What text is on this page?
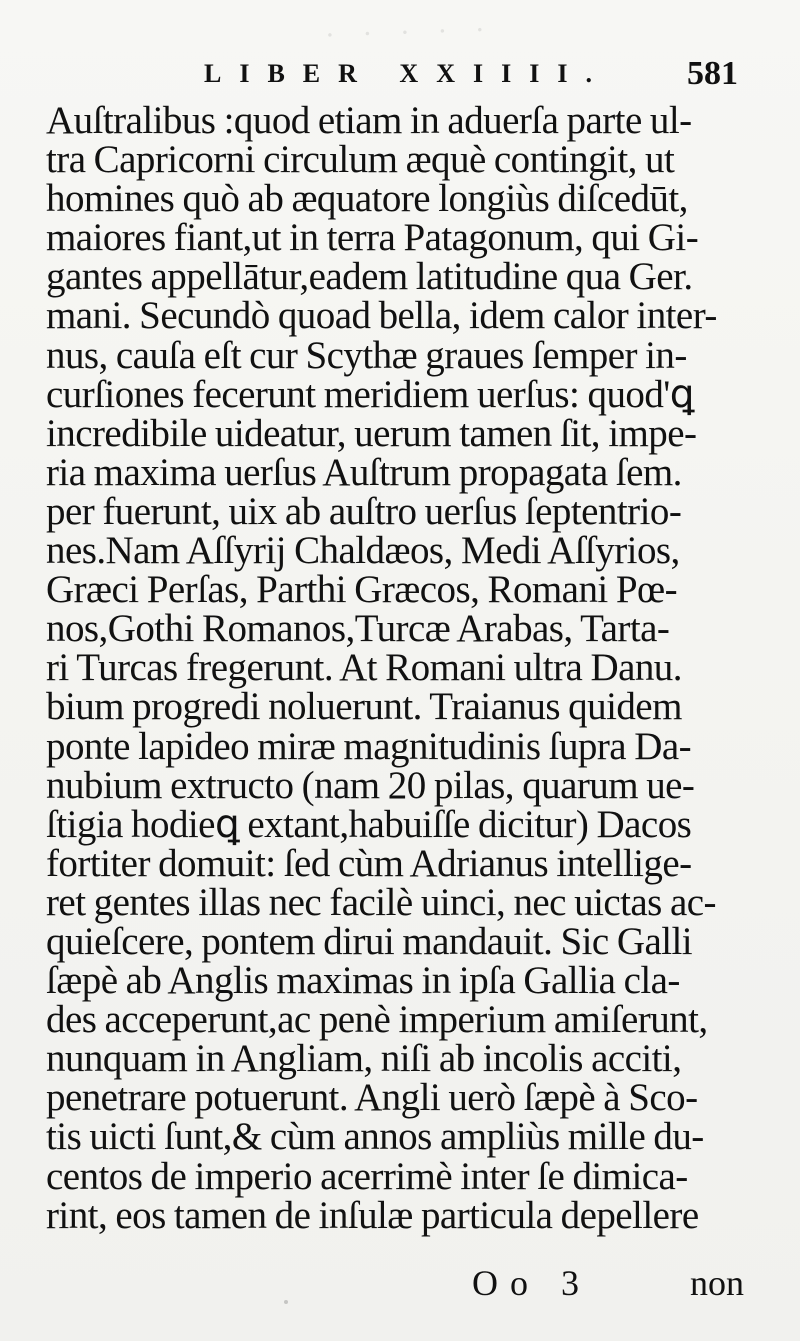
· · · · ·
LIBER XXIIII. 581
Auſtralibus :quod etiam in aduerſa parte ul-
tra Capricorni circulum æquè contingit, ut
homines quò ab æquatore longiùs diſcedūt,
maiores fiant,ut in terra Patagonum, qui Gi-
gantes appellātur,eadem latitudine qua Ger.
mani. Secundò quoad bella, idem calor inter-
nus, cauſa eſt cur Scythæ graues ſemper in-
curſiones fecerunt meridiem uerſus: quod'ꝗ
incredibile uideatur, uerum tamen ſit, impe-
ria maxima uerſus Auſtrum propagata ſem.
per fuerunt, uix ab auſtro uerſus ſeptentrio-
nes.Nam Aſſyrij Chaldæos, Medi Aſſyrios,
Græci Perſas, Parthi Græcos, Romani Pœ-
nos,Gothi Romanos,Turcæ Arabas, Tarta-
ri Turcas fregerunt. At Romani ultra Danu.
bium progredi noluerunt. Traianus quidem
ponte lapideo miræ magnitudinis ſupra Da-
nubium extructo (nam 20 pilas, quarum ue-
ſtigia hodieꝗ extant,habuiſſe dicitur) Dacos
fortiter domuit: ſed cùm Adrianus intellige-
ret gentes illas nec facilè uinci, nec uictas ac-
quieſcere, pontem dirui mandauit. Sic Galli
ſæpè ab Anglis maximas in ipſa Gallia cla-
des acceperunt,ac penè imperium amiſerunt,
nunquam in Angliam, niſi ab incolis acciti,
penetrare potuerunt. Angli uerò ſæpè à Sco-
tis uicti ſunt,& cùm annos ampliùs mille du-
centos de imperio acerrimè inter ſe dimica-
rint, eos tamen de inſulæ particula depellere
Oo 3	non
